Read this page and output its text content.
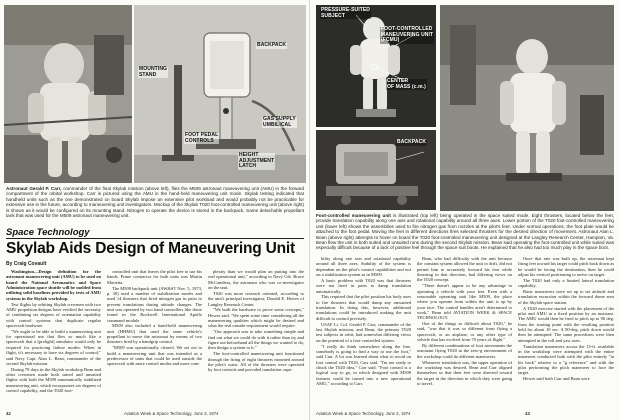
MOUNTING
STAND
BACKPACK
FOOT PEDAL
CONTROLS
GAS SUPPLY
UMBILICAL
HEIGHT
ADJUSTMENT
LATCH
Astronaut Gerald P. Carr, commander of the final Skylab mission (above left), flies the M509 astronaut maneuvering unit (AMU) in the forward compartment of the orbital workshop. Carr is pictured using the AMU in the hand-held maneuvering unit mode. Skylab testing indicated that handheld units such as the one demonstrated on board Skylab impose an extensive pilot workload and would probably not be practicable for extensive use in the future, according to maneuvering unit investigators. Mockup of the Skylab T020 foot-controlled maneuvering unit (above right) is shown as it would be configured on its mounting stand. Nitrogen to operate the device is stored in the backpack. Same detachable propellant tank that was used for the M509 astronaut maneuvering unit.
Space Technology
Skylab Aids Design of Maneuvering Unit
By Craig Covault

Washington—Design definition for the astronaut maneuvering unit (AMU) to be used on board the National Aeronautics and Space Administration space shuttle will be molded from utilizing solid baselines provided by tests of AMU systems in the Skylab workshop.

Test flights by orbiting Skylab crewmen with two AMU propulsion designs have verified the necessity of combining six degrees of orientation capability with control systems that duplicate regular spacecraft hardware.

"We ought to be able to build a maneuvering unit for operational use that flies so much like a spacecraft that a [prelight] simulator would only be required for practicing failure modes. When in flight, it's necessary to have six degrees of control," said Navy Capt. Alan L. Bean, commander of the second Skylab mission.

During 79 days in the Skylab workshop Bean and other crewmen made both suited and unsuited flights with both the M509 automatically stabilized maneuvering unit, which incorporates six degrees of control capability, and the T020 foot-

controlled unit that leaves the pilot free to use his hands. Prime contractor for both units was Martin Marietta.

The M509 backpack unit (AW&ST Nov. 5, 1973, p. 30) used a number of stabilization modes and used 14 thrusters that fired nitrogen gas in pairs to prevent translations during attitude changes. The unit was operated by two hand controllers like those found in the Rockwell International Apollo command module.

M509 also included a hand-held maneuvering unit (HHMU) that used the same vehicle's propellant to move the astronaut by means of two thrusters fired by a handgrip control.

"M509 was operationally cleared. We set out to build a maneuvering unit that was intended as a predecessor of units that could be used outside the spacecraft with more control modes and more com-

plexity than we would plan on putting into the real operational unit," according to Navy Cdr. Bruce McCandless, the astronaut who was co-investigator on the unit.

T020 was more research oriented, according to the unit's principal investigator, Donald E. Hewes of Langley Research Center.

"We built the hardware to prove some concepts," Hewes said. "We spent some time considering all the maneuvering qualities which might be desired and what the real outside requirement would require.

"Our approach was to take something simple and find out what we could do with it rather than try and figure out beforehand all the things we wanted to do, then design a system to it."

The foot-controlled maneuvering unit functioned through the firing of eight thrusters mounted around the pilot's waist. All of the thrusters were operated by foot controls and provided translation capa-

42	Aviation Week & Space Technology, June 3, 1974
PRESSURE-SUITED
SUBJECT
FOOT-CONTROLLED
MANEUVERING UNIT
(FCMU)
CENTER
OF MASS (c.m.)
BACKPACK
Foot-controlled maneuvering unit is illustrated (top left) being operated in the space suited mode. Eight thrusters, located below the feet, provide translation capability along one axis and rotational capability around all three axes. Lower portion of the T020 foot-controlled maneuvering unit (lower left) shows the assemblies used to fire nitrogen gas from nozzles at the pilot's feet. Under normal operations, the foot plate would be attached to the foot pedal. Moving the feet in different directions fires selected thrusters for the desired direction of movement. Astronaut Alan L. Bean (above right) attempts to hover on board the T020 foot-controlled maneuvering unit designed at the Langley Research Center, Hampton, Va. Bean flew the unit in both suited and unsuited runs during the second Skylab mission. Bean said operating the foot-controlled unit while suited was especially difficult because of a lack of positive feel through the space suit boots. He explained that he also had too much play in the space boot.

bility along one axis and rotational capability around all three axes. Stability of the system is dependent on the pilot's control capabilities and not on a stabilization system as in M509.

A basic problem with T020 was that thrusters were not fired in pairs to damp translation automatically.

This required that the pilot position his body axes to fire thrusters that would damp any unwanted translation. In doing this, however, additional translations could be introduced making the unit difficult to control precisely.

USAF Lt. Col. Gerald P. Carr, commander of the last Skylab mission, and Bean, the primary T020 test subjects in orbit, had somewhat differing views on the potential of a foot-controlled system.

"I really do think somewhere along the line, somebody is going to find a way to use the foot," said Carr. A lot was learned about what to avoid on foot control with T020, Carr said. "I'm not ready to chuck the T020 idea," Carr said. "Foot control is a logical way to go, in which designed with M509 features could be turned into a new operational AMU," according to Carr.

Bean, who had difficulty with the unit because the constant system allowed the unit to drift, did not permit him to accurately forward his foot while thrusting in that direction, had differing views on the T020 concept.

"There doesn't appear to be any advantage to operating a vehicle with your feet. Even with a reasonable operating unit like M509, the place where you operate from within the unit is up by your face. The control handles aren't determined to work," Bean told AVIATION WEEK & SPACE TECHNOLOGY.

One of the things as difficult about T020," he said, "was that it was so different from flying a spacecraft, or an airplane, or any other type of vehicle that has evolved from 70 years of flight."

By different combinations of foot movements the astronaut flying T020 in the zero-g environment of the workshop could do different maneuvers.

Whenever translation was, the upper operation of the workshop was desired. Bean and Carr aligned themselves so that their feet were directed toward the target in the direction in which they were going to travel.

Once that rate was built up, the astronaut kept firing feet toward his target could pitch back down as he would be facing the destination, then he could adjust his vertical positioning to arrive on target.

The T020 had only a limited lateral translation capability.

Basic maneuvers were set up to set attitude and translation excursion within the forward dome area of the Skylab space station.

A T020 exercise started with the placement of the pilot and AMU in a fixed position by an assistant. The AMU would then be fired to pitch up to 90 deg. from the starting point with the resulting position held for about 10 sec. A 90-deg. pitch down would then be attempted. The same procedures were then attempted in the roll and yaw axes.

Translation maneuvers across the 15-ft. available in the workshop were attempted with the entire maneuver conducted both with the pilot entirely "in his back" relative to a "g reference" and with the pilot performing the pitch maneuver to face the target.

Hewes said both Carr and Bean were

Aviation Week & Space Technology, June 3, 1974	43
